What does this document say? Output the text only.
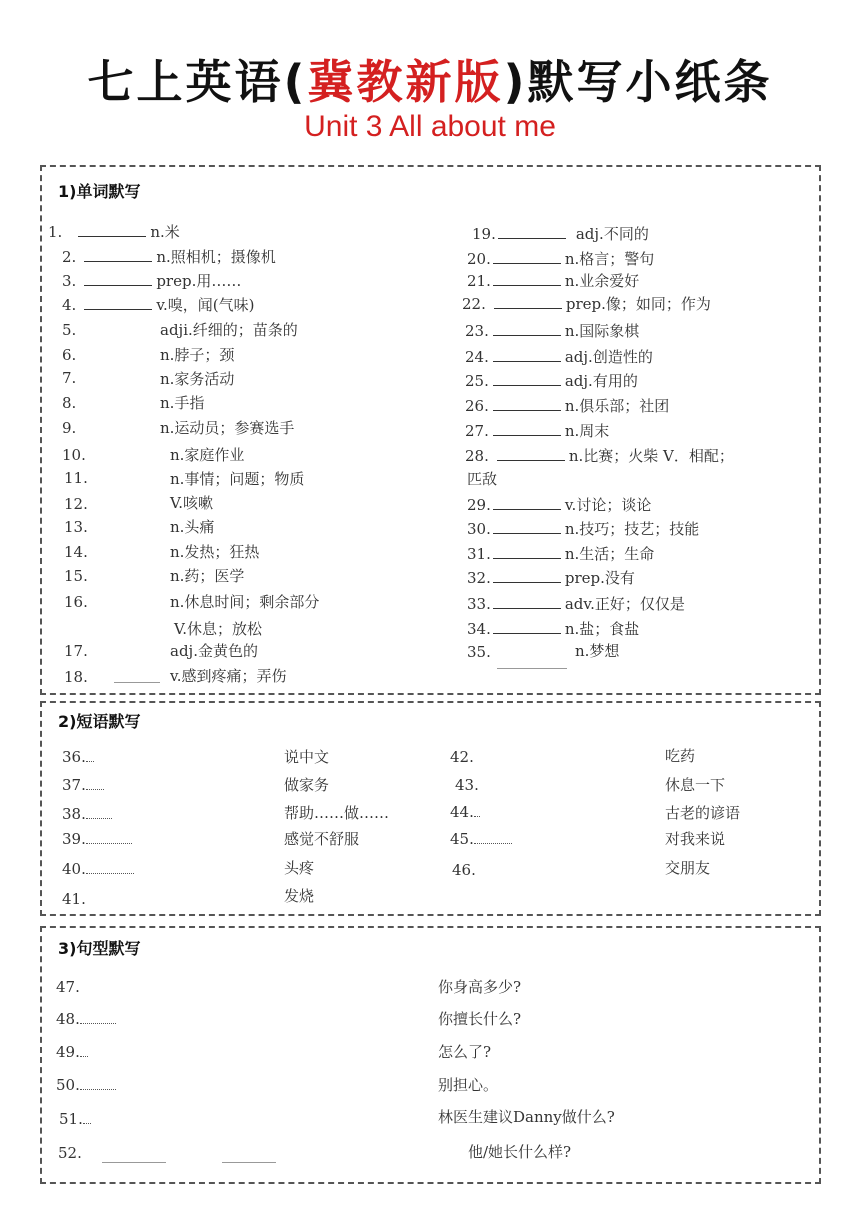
七上英语(冀教新版)默写小纸条
Unit 3 All about me
1)单词默写
1.	n.米
2.	n.照相机；摄像机
3.	prep.用……
4.	v.嗅，闻(气味)
5.	adji.纤细的；苗条的
6.	n.脖子；颈
7.	n.家务活动
8.	n.手指
9.	n.运动员；参赛选手
10.	n.家庭作业
11.	n.事情；问题；物质
12.	V.咳嗽
13.	n.头痛
14.	n.发热；狂热
15.	n.药；医学
16.	n.休息时间；剩余部分
V.休息；放松
17.	adj.金黄色的
18.	v.感到疼痛；弄伤
19.	adj.不同的
20.	n.格言；警句
21.	n.业余爱好
22.	prep.像；如同；作为
23.	n.国际象棋
24.	adj.创造性的
25.	adj.有用的
26.	n.俱乐部；社团
27.	n.周末
28.	n.比赛；火柴 V．相配；
匹敌
29.	v.讨论；谈论
30.	n.技巧；技艺；技能
31.	n.生活；生命
32.	prep.没有
33.	adv.正好；仅仅是
34.	n.盐；食盐
35.	n.梦想
2)短语默写
36.	说中文
37.	做家务
38.	帮助……做……
39.	感觉不舒服
40.	头疼
41.	发烧
42.	吃药
43.	休息一下
44.	古老的谚语
45.	对我来说
46.	交朋友
3)句型默写
47.	你身高多少?
48.	你擅长什么?
49.	怎么了?
50.	别担心。
51.	林医生建议Danny做什么?
52.	他/她长什么样?
